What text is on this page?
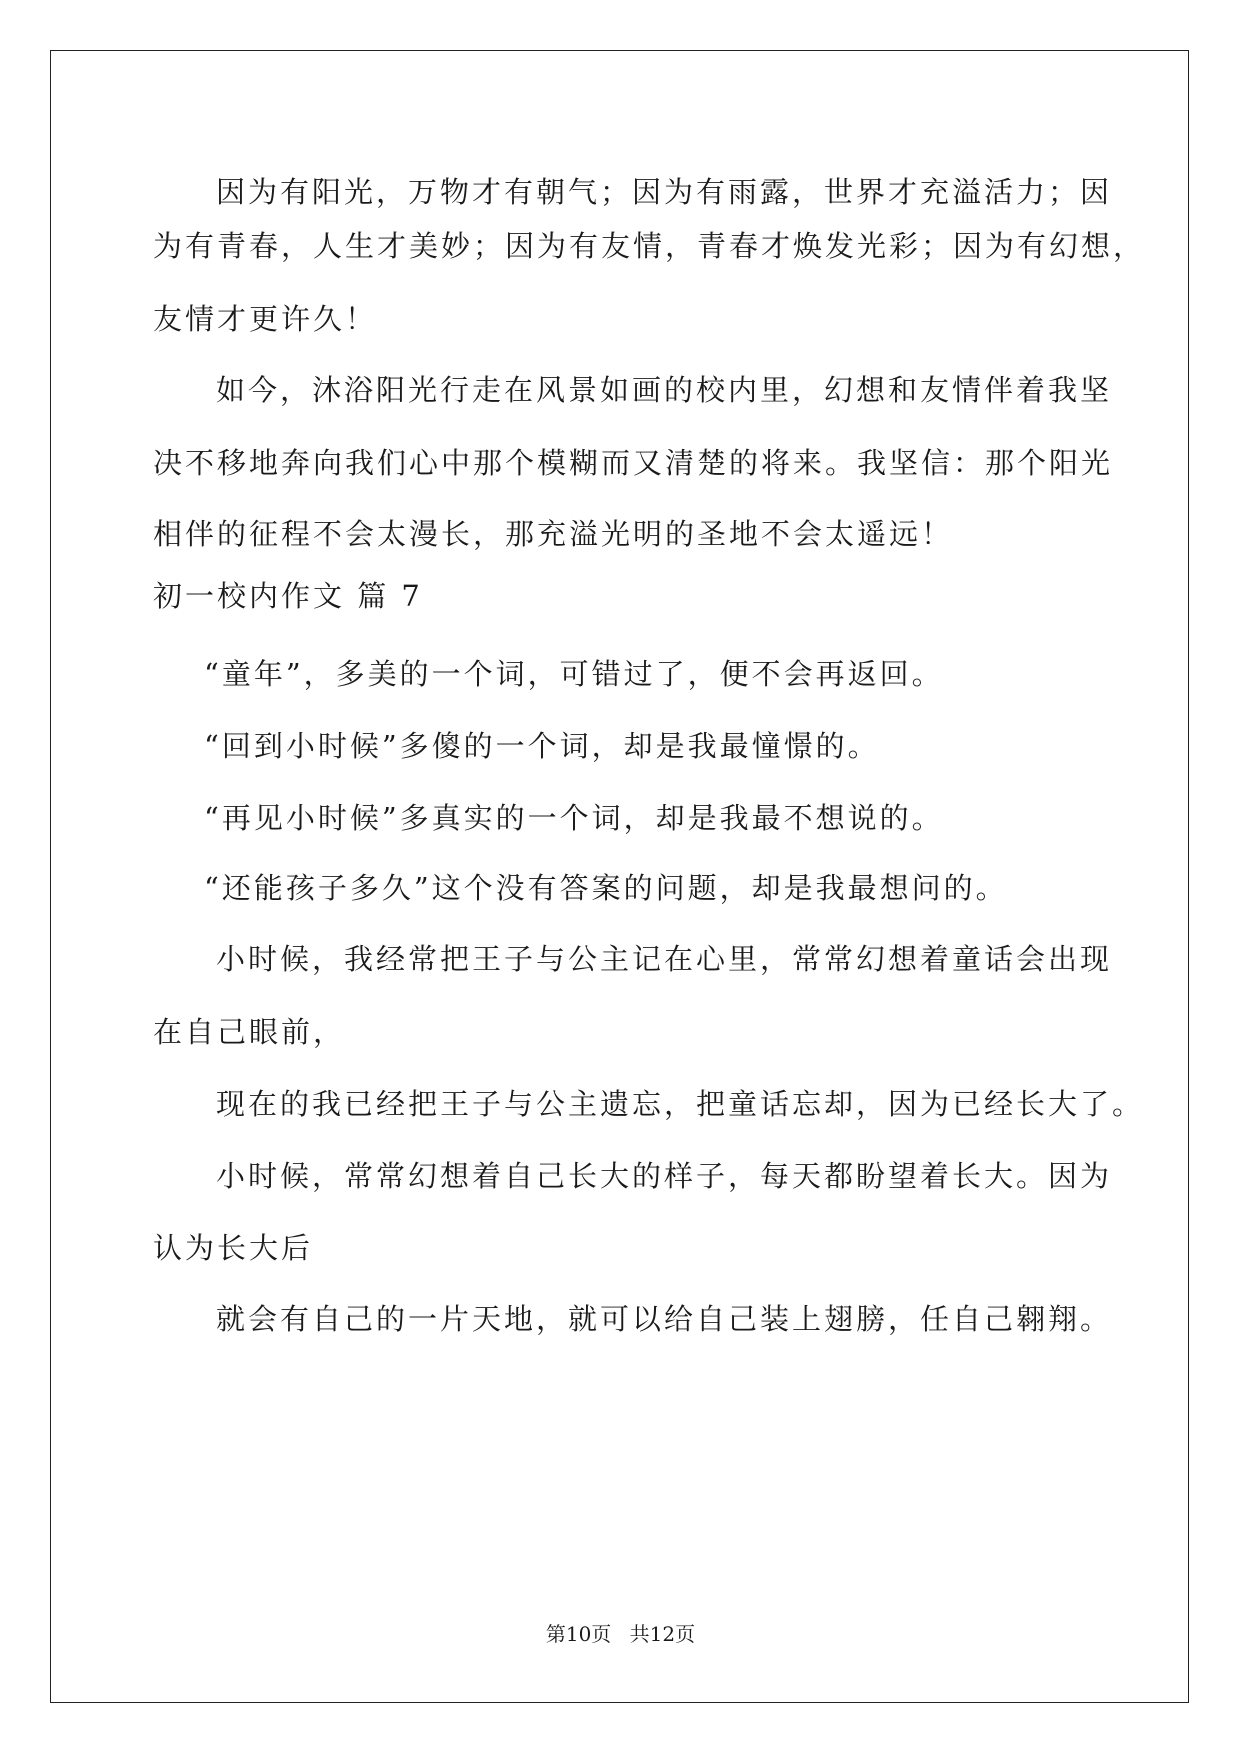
因为有阳光，万物才有朝气；因为有雨露，世界才充溢活力；因
为有青春，人生才美妙；因为有友情，青春才焕发光彩；因为有幻想，
友情才更许久！
如今，沐浴阳光行走在风景如画的校内里，幻想和友情伴着我坚
决不移地奔向我们心中那个模糊而又清楚的将来。我坚信：那个阳光
相伴的征程不会太漫长，那充溢光明的圣地不会太遥远！
初一校内作文 篇 7
“童年”，多美的一个词，可错过了，便不会再返回。
“回到小时候”多傻的一个词，却是我最憧憬的。
“再见小时候”多真实的一个词，却是我最不想说的。
“还能孩子多久”这个没有答案的问题，却是我最想问的。
小时候，我经常把王子与公主记在心里，常常幻想着童话会出现
在自己眼前，
现在的我已经把王子与公主遗忘，把童话忘却，因为已经长大了。
小时候，常常幻想着自己长大的样子，每天都盼望着长大。因为
认为长大后
就会有自己的一片天地，就可以给自己装上翅膀，任自己翱翔。
第10页 共12页
